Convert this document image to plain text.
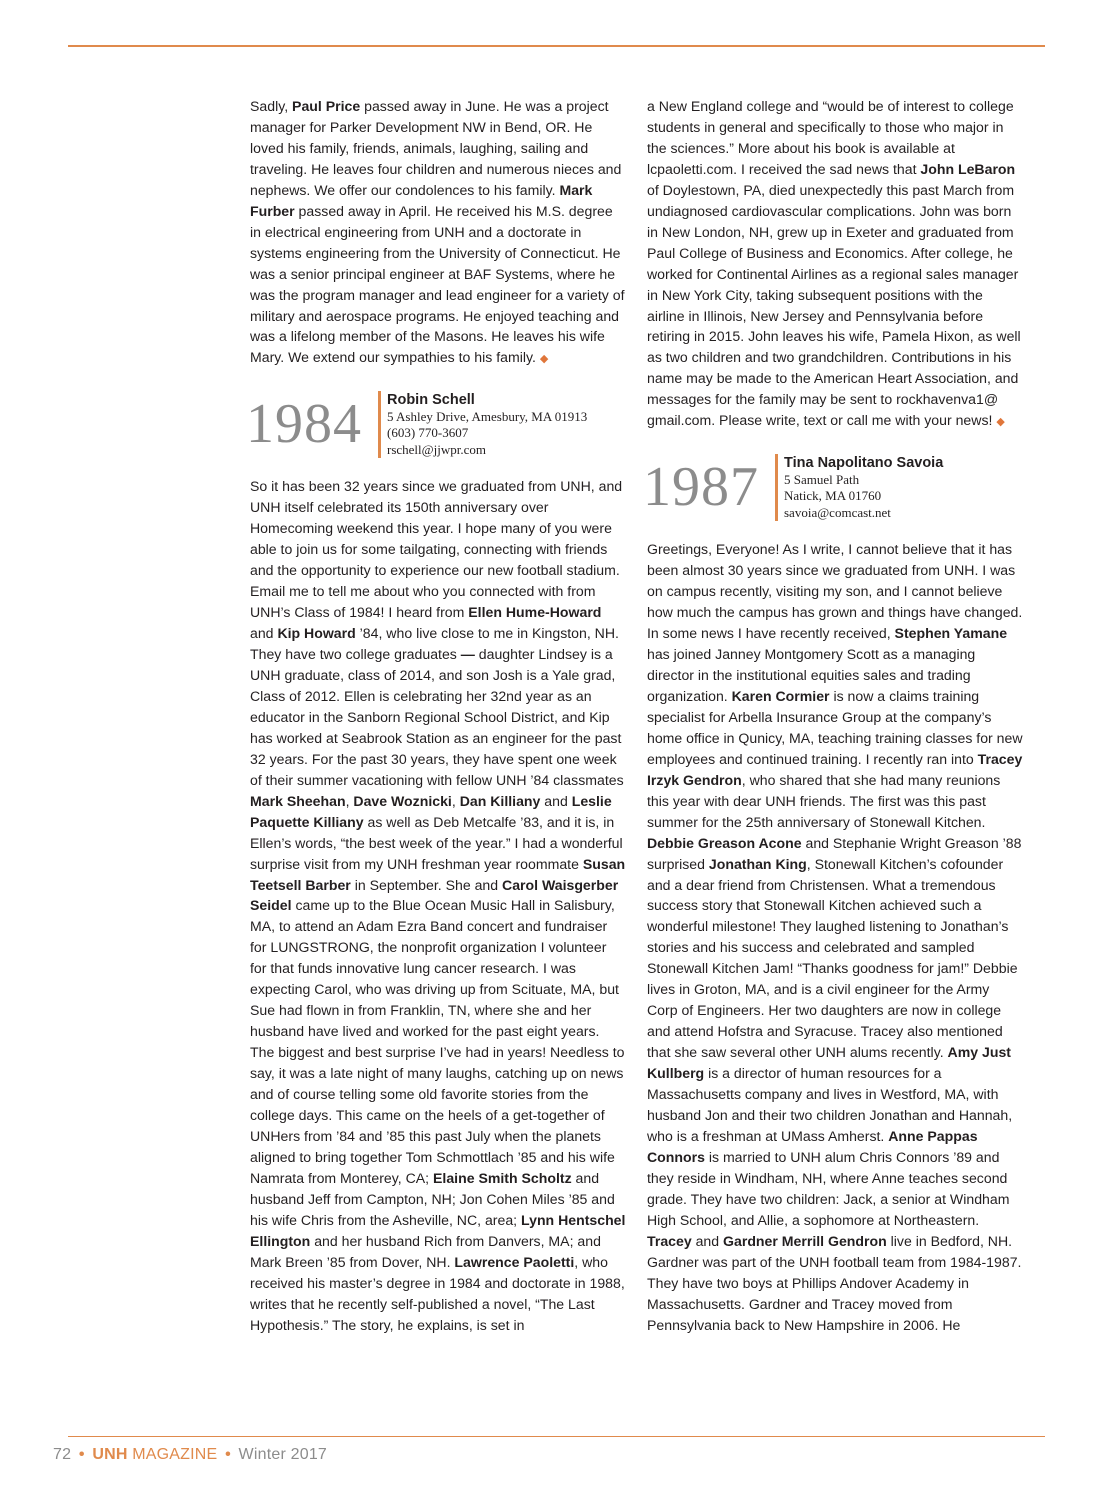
Sadly, Paul Price passed away in June. He was a project manager for Parker Development NW in Bend, OR. He loved his family, friends, animals, laughing, sailing and traveling. He leaves four children and numerous nieces and nephews. We offer our condolences to his family. Mark Furber passed away in April. He received his M.S. degree in electrical engineering from UNH and a doctorate in systems engineering from the University of Connecticut. He was a senior principal engineer at BAF Systems, where he was the program manager and lead engineer for a variety of military and aerospace programs. He enjoyed teaching and was a lifelong member of the Masons. He leaves his wife Mary. We extend our sympathies to his family. ◆

1984	Robin Schell
5 Ashley Drive, Amesbury, MA 01913
(603) 770-3607
rschell@jjwpr.com

So it has been 32 years since we graduated from UNH, and UNH itself celebrated its 150th anniversary over Homecoming weekend this year. I hope many of you were able to join us for some tailgating, connecting with friends and the opportunity to experience our new football stadium. Email me to tell me about who you connected with from UNH’s Class of 1984! I heard from Ellen Hume-Howard and Kip Howard ’84, who live close to me in Kingston, NH. They have two college graduates — daughter Lindsey is a UNH graduate, class of 2014, and son Josh is a Yale grad, Class of 2012. Ellen is celebrating her 32nd year as an educator in the Sanborn Regional School District, and Kip has worked at Seabrook Station as an engineer for the past 32 years. For the past 30 years, they have spent one week of their summer vacationing with fellow UNH ’84 classmates Mark Sheehan, Dave Woznicki, Dan Killiany and Leslie Paquette Killiany as well as Deb Metcalfe ’83, and it is, in Ellen’s words, “the best week of the year.” I had a wonderful surprise visit from my UNH freshman year roommate Susan Teetsell Barber in September. She and Carol Waisgerber Seidel came up to the Blue Ocean Music Hall in Salisbury, MA, to attend an Adam Ezra Band concert and fundraiser for LUNGSTRONG, the nonprofit organization I volunteer for that funds innovative lung cancer research. I was expecting Carol, who was driving up from Scituate, MA, but Sue had flown in from Franklin, TN, where she and her husband have lived and worked for the past eight years. The biggest and best surprise I’ve had in years! Needless to say, it was a late night of many laughs, catching up on news and of course telling some old favorite stories from the college days. This came on the heels of a get-together of UNHers from ’84 and ’85 this past July when the planets aligned to bring together Tom Schmottlach ’85 and his wife Namrata from Monterey, CA; Elaine Smith Scholtz and husband Jeff from Campton, NH; Jon Cohen Miles ’85 and his wife Chris from the Asheville, NC, area; Lynn Hentschel Ellington and her husband Rich from Danvers, MA; and Mark Breen ’85 from Dover, NH. Lawrence Paoletti, who received his master’s degree in 1984 and doctorate in 1988, writes that he recently self-published a novel, “The Last Hypothesis.” The story, he explains, is set in

a New England college and “would be of interest to college students in general and specifically to those who major in the sciences.” More about his book is available at lcpaoletti.com. I received the sad news that John LeBaron of Doylestown, PA, died unexpectedly this past March from undiagnosed cardiovascular complications. John was born in New London, NH, grew up in Exeter and graduated from Paul College of Business and Economics. After college, he worked for Continental Airlines as a regional sales manager in New York City, taking subsequent positions with the airline in Illinois, New Jersey and Pennsylvania before retiring in 2015. John leaves his wife, Pamela Hixon, as well as two children and two grandchildren. Contributions in his name may be made to the American Heart Association, and messages for the family may be sent to rockhavenva1@ gmail.com. Please write, text or call me with your news! ◆

1987	Tina Napolitano Savoia
5 Samuel Path
Natick, MA 01760
savoia@comcast.net

Greetings, Everyone! As I write, I cannot believe that it has been almost 30 years since we graduated from UNH. I was on campus recently, visiting my son, and I cannot believe how much the campus has grown and things have changed. In some news I have recently received, Stephen Yamane has joined Janney Montgomery Scott as a managing director in the institutional equities sales and trading organization. Karen Cormier is now a claims training specialist for Arbella Insurance Group at the company’s home office in Qunicy, MA, teaching training classes for new employees and continued training. I recently ran into Tracey Irzyk Gendron, who shared that she had many reunions this year with dear UNH friends. The first was this past summer for the 25th anniversary of Stonewall Kitchen. Debbie Greason Acone and Stephanie Wright Greason ’88 surprised Jonathan King, Stonewall Kitchen’s cofounder and a dear friend from Christensen. What a tremendous success story that Stonewall Kitchen achieved such a wonderful milestone! They laughed listening to Jonathan’s stories and his success and celebrated and sampled Stonewall Kitchen Jam! “Thanks goodness for jam!” Debbie lives in Groton, MA, and is a civil engineer for the Army Corp of Engineers. Her two daughters are now in college and attend Hofstra and Syracuse. Tracey also mentioned that she saw several other UNH alums recently. Amy Just Kullberg is a director of human resources for a Massachusetts company and lives in Westford, MA, with husband Jon and their two children Jonathan and Hannah, who is a freshman at UMass Amherst. Anne Pappas Connors is married to UNH alum Chris Connors ’89 and they reside in Windham, NH, where Anne teaches second grade. They have two children: Jack, a senior at Windham High School, and Allie, a sophomore at Northeastern. Tracey and Gardner Merrill Gendron live in Bedford, NH. Gardner was part of the UNH football team from 1984-1987. They have two boys at Phillips Andover Academy in Massachusetts. Gardner and Tracey moved from Pennsylvania back to New Hampshire in 2006. He

72 • UNH MAGAZINE • Winter 2017
